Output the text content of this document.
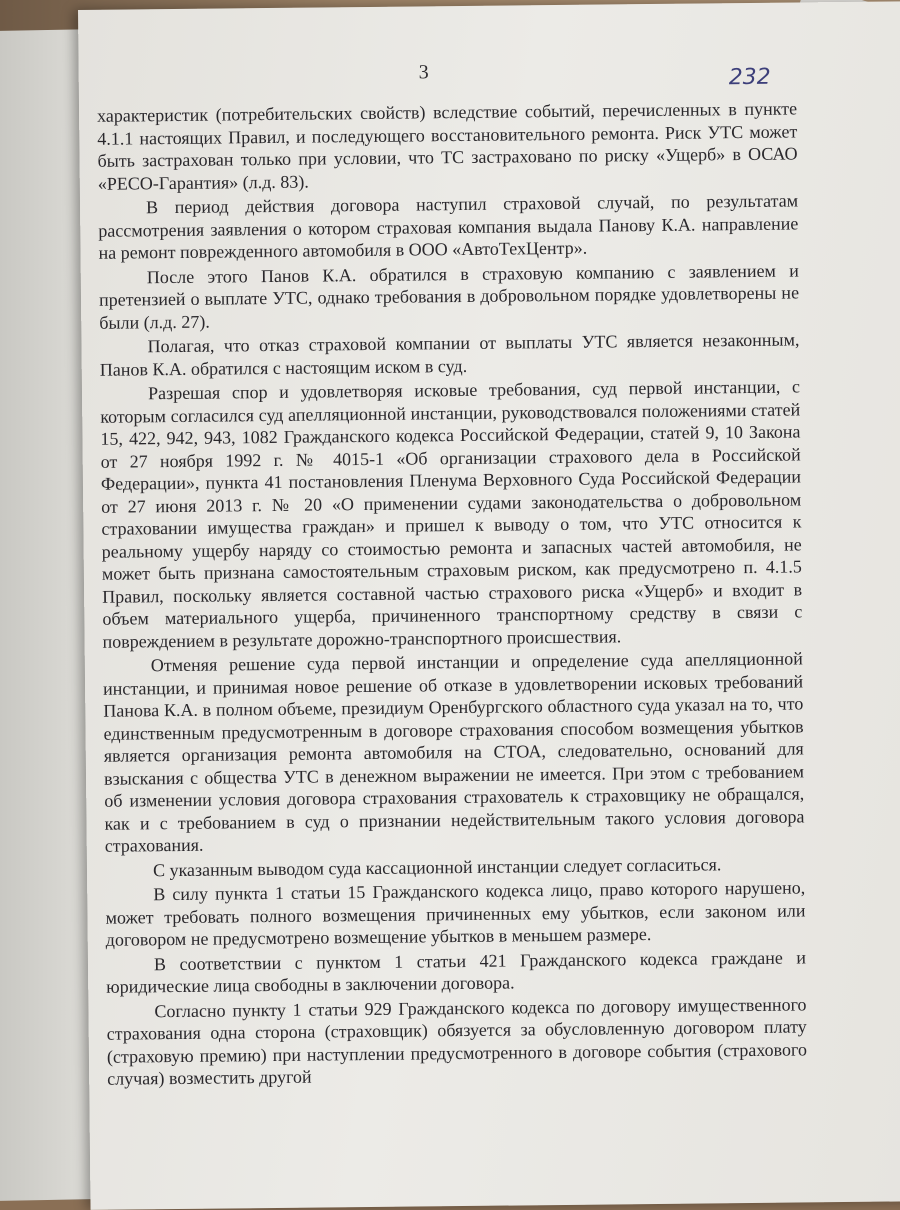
3	232

характеристик (потребительских свойств) вследствие событий, перечисленных в пункте 4.1.1 настоящих Правил, и последующего восстановительного ремонта. Риск УТС может быть застрахован только при условии, что ТС застраховано по риску «Ущерб» в ОСАО «РЕСО-Гарантия» (л.д. 83).

В период действия договора наступил страховой случай, по результатам рассмотрения заявления о котором страховая компания выдала Панову К.А. направление на ремонт поврежденного автомобиля в ООО «АвтоТехЦентр».

После этого Панов К.А. обратился в страховую компанию с заявлением и претензией о выплате УТС, однако требования в добровольном порядке удовлетворены не были (л.д. 27).

Полагая, что отказ страховой компании от выплаты УТС является незаконным, Панов К.А. обратился с настоящим иском в суд.

Разрешая спор и удовлетворяя исковые требования, суд первой инстанции, с которым согласился суд апелляционной инстанции, руководствовался положениями статей 15, 422, 942, 943, 1082 Гражданского кодекса Российской Федерации, статей 9, 10 Закона от 27 ноября 1992 г. № 4015-1 «Об организации страхового дела в Российской Федерации», пункта 41 постановления Пленума Верховного Суда Российской Федерации от 27 июня 2013 г. № 20 «О применении судами законодательства о добровольном страховании имущества граждан» и пришел к выводу о том, что УТС относится к реальному ущербу наряду со стоимостью ремонта и запасных частей автомобиля, не может быть признана самостоятельным страховым риском, как предусмотрено п. 4.1.5 Правил, поскольку является составной частью страхового риска «Ущерб» и входит в объем материального ущерба, причиненного транспортному средству в связи с повреждением в результате дорожно-транспортного происшествия.

Отменяя решение суда первой инстанции и определение суда апелляционной инстанции, и принимая новое решение об отказе в удовлетворении исковых требований Панова К.А. в полном объеме, президиум Оренбургского областного суда указал на то, что единственным предусмотренным в договоре страхования способом возмещения убытков является организация ремонта автомобиля на СТОА, следовательно, оснований для взыскания с общества УТС в денежном выражении не имеется. При этом с требованием об изменении условия договора страхования страхователь к страховщику не обращался, как и с требованием в суд о признании недействительным такого условия договора страхования.

С указанным выводом суда кассационной инстанции следует согласиться.

В силу пункта 1 статьи 15 Гражданского кодекса лицо, право которого нарушено, может требовать полного возмещения причиненных ему убытков, если законом или договором не предусмотрено возмещение убытков в меньшем размере.

В соответствии с пунктом 1 статьи 421 Гражданского кодекса граждане и юридические лица свободны в заключении договора.

Согласно пункту 1 статьи 929 Гражданского кодекса по договору имущественного страхования одна сторона (страховщик) обязуется за обусловленную договором плату (страховую премию) при наступлении предусмотренного в договоре события (страхового случая) возместить другой
